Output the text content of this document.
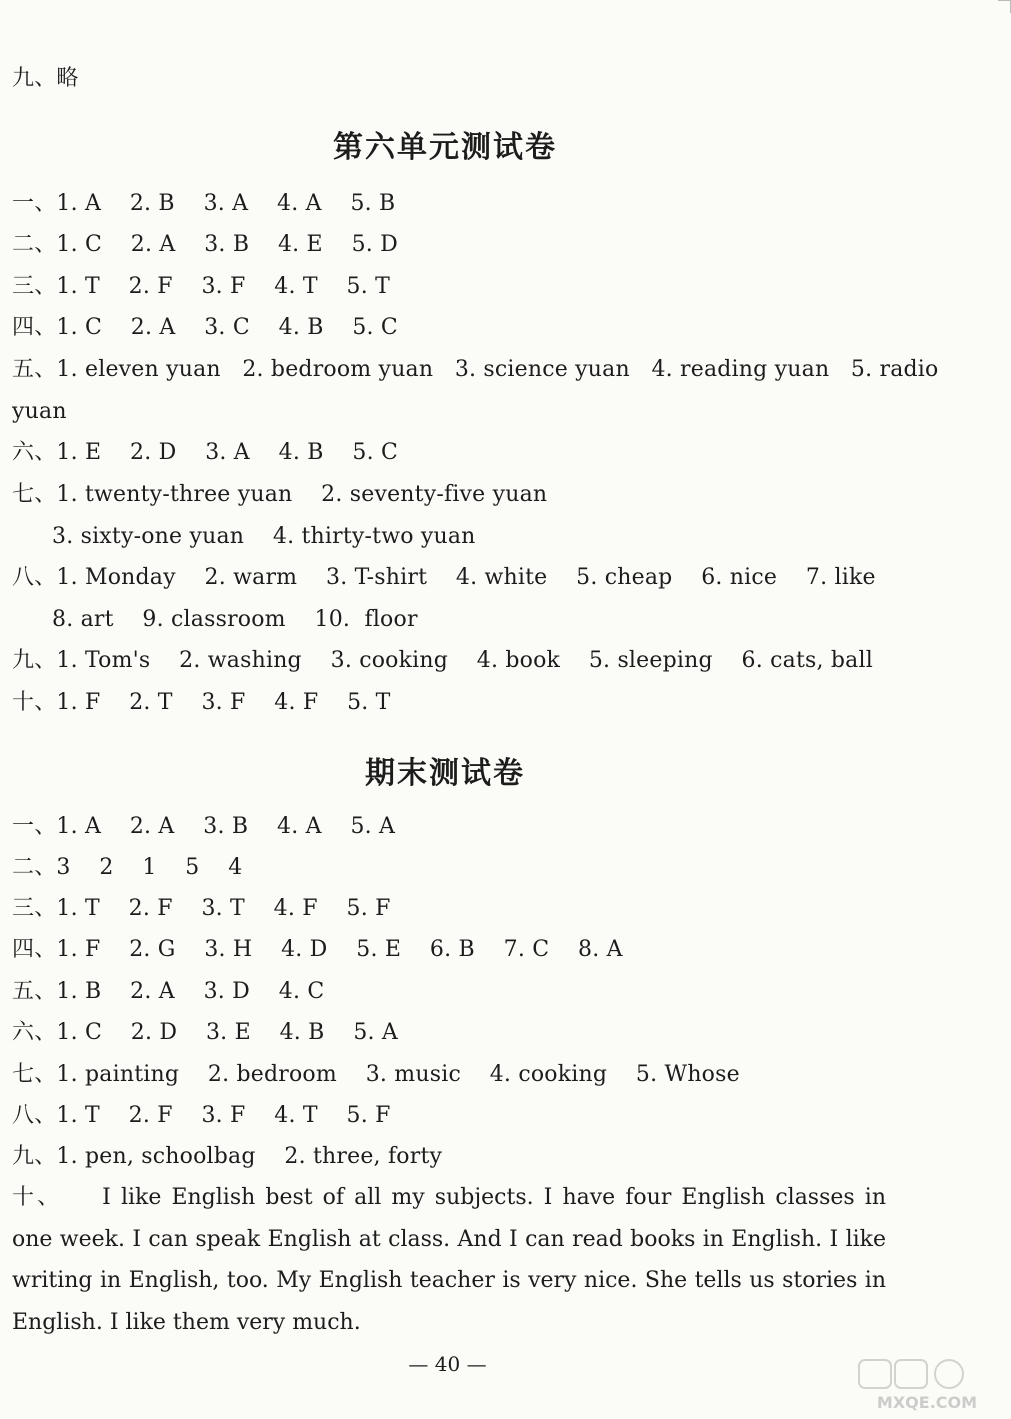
九、略
第六单元测试卷
一、1. A    2. B    3. A    4. A    5. B
二、1. C    2. A    3. B    4. E    5. D
三、1. T    2. F    3. F    4. T    5. T
四、1. C    2. A    3. C    4. B    5. C
五、1. eleven yuan   2. bedroom yuan   3. science yuan   4. reading yuan   5. radio
yuan
六、1. E    2. D    3. A    4. B    5. C
七、1. twenty-three yuan    2. seventy-five yuan
3. sixty-one yuan    4. thirty-two yuan
八、1. Monday    2. warm    3. T-shirt    4. white    5. cheap    6. nice    7. like
8. art    9. classroom    10.  floor
九、1. Tom's    2. washing    3. cooking    4. book    5. sleeping    6. cats, ball
十、1. F    2. T    3. F    4. F    5. T
期末测试卷
一、1. A    2. A    3. B    4. A    5. A
二、3    2    1    5    4
三、1. T    2. F    3. T    4. F    5. F
四、1. F    2. G    3. H    4. D    5. E    6. B    7. C    8. A
五、1. B    2. A    3. D    4. C
六、1. C    2. D    3. E    4. B    5. A
七、1. painting    2. bedroom    3. music    4. cooking    5. Whose
八、1. T    2. F    3. F    4. T    5. F
九、1. pen, schoolbag    2. three, forty
十、 I like English best of all my subjects. I have four English classes in one week. I can speak English at class. And I can read books in English. I like writing in English, too. My English teacher is very nice. She tells us stories in English. I like them very much.
— 40 —
MXQE.COM
